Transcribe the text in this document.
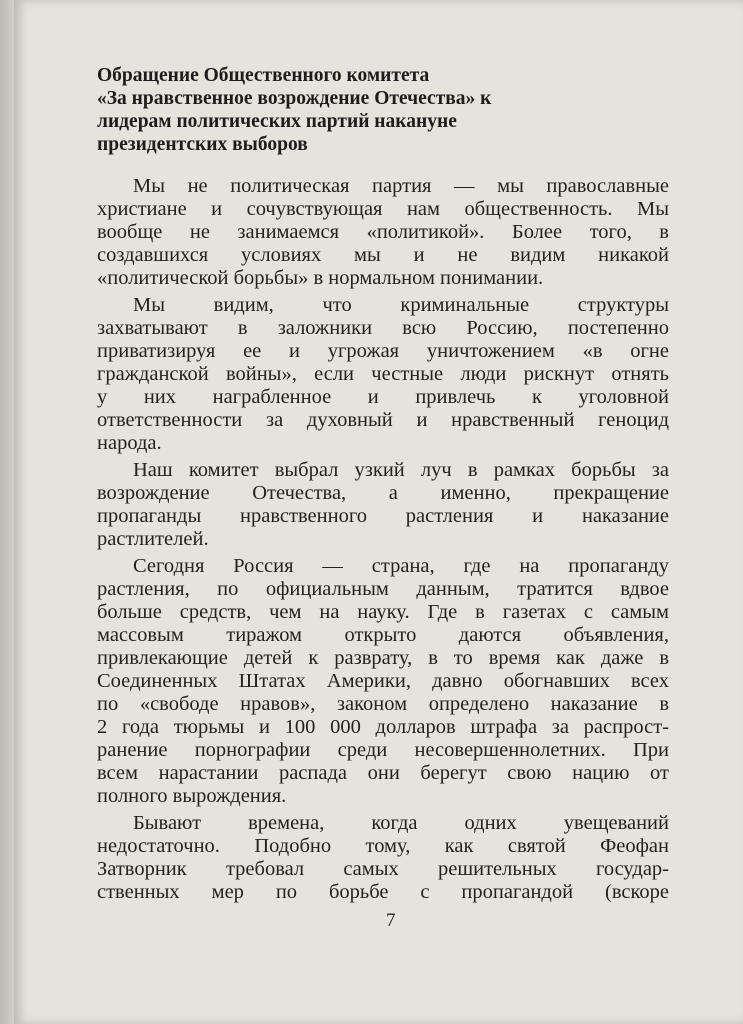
Обращение Общественного комитета
«За нравственное возрождение Отечества» к
лидерам политических партий накануне
президентских выборов
Мы не политическая партия — мы православные
христиане и сочувствующая нам общественность. Мы
вообще не занимаемся «политикой». Более того, в
создавшихся условиях мы и не видим никакой
«политической борьбы» в нормальном понимании.
Мы видим, что криминальные структуры
захватывают в заложники всю Россию, постепенно
приватизируя ее и угрожая уничтожением «в огне
гражданской войны», если честные люди рискнут отнять
у них награбленное и привлечь к уголовной
ответственности за духовный и нравственный геноцид
народа.
Наш комитет выбрал узкий луч в рамках борьбы за
возрождение Отечества, а именно, прекращение
пропаганды нравственного растления и наказание
растлителей.
Сегодня Россия — страна, где на пропаганду
растления, по официальным данным, тратится вдвое
больше средств, чем на науку. Где в газетах с самым
массовым тиражом открыто даются объявления,
привлекающие детей к разврату, в то время как даже в
Соединенных Штатах Америки, давно обогнавших всех
по «свободе нравов», законом определено наказание в
2 года тюрьмы и 100 000 долларов штрафа за распрост-
ранение порнографии среди несовершеннолетних. При
всем нарастании распада они берегут свою нацию от
полного вырождения.
Бывают времена, когда одних увещеваний
недостаточно. Подобно тому, как святой Феофан
Затворник требовал самых решительных государ-
ственных мер по борьбе с пропагандой (вскоре
7
